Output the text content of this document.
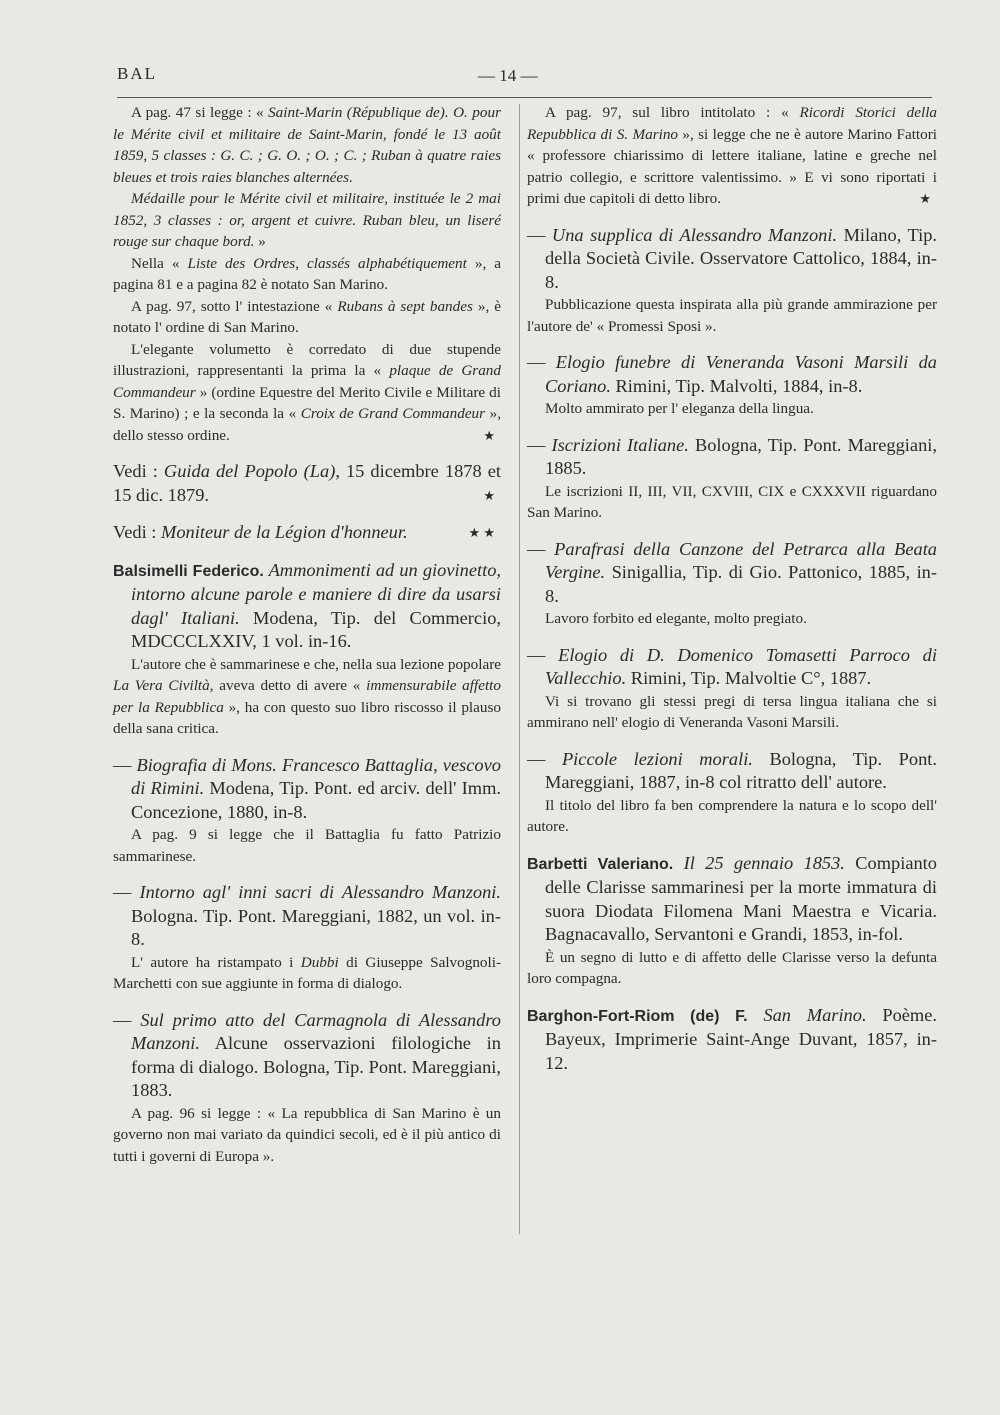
BAL	— 14 —

A pag. 47 si legge : « Saint-Marin (République de). O. pour le Mérite civil et militaire de Saint-Marin, fondé le 13 août 1859, 5 classes : G. C. ; G. O. ; O. ; C. ; Ruban à quatre raies bleues et trois raies blanches alternées.

Médaille pour le Mérite civil et militaire, instituée le 2 mai 1852, 3 classes : or, argent et cuivre. Ruban bleu, un liseré rouge sur chaque bord. »

Nella « Liste des Ordres, classés alphabétiquement », a pagina 81 e a pagina 82 è notato San Marino.

A pag. 97, sotto l' intestazione « Rubans à sept bandes », è notato l' ordine di San Marino.

L'elegante volumetto è corredato di due stupende illustrazioni, rappresentanti la prima la « plaque de Grand Commandeur » (ordine Equestre del Merito Civile e Militare di S. Marino) ; e la seconda la « Croix de Grand Commandeur », dello stesso ordine.	★

Vedi : Guida del Popolo (La), 15 dicembre 1878 et 15 dic. 1879.	★

Vedi : Moniteur de la Légion d'honneur.	★ ★

Balsimelli Federico. Ammonimenti ad un giovinetto, intorno alcune parole e maniere di dire da usarsi dagl' Italiani. Modena, Tip. del Commercio, MDCCCLXXIV, 1 vol. in-16.

L'autore che è sammarinese e che, nella sua lezione popolare La Vera Civiltà, aveva detto di avere « immensurabile affetto per la Repubblica », ha con questo suo libro riscosso il plauso della sana critica.

— Biografia di Mons. Francesco Battaglia, vescovo di Rimini. Modena, Tip. Pont. ed arciv. dell' Imm. Concezione, 1880, in-8.

A pag. 9 si legge che il Battaglia fu fatto Patrizio sammarinese.

— Intorno agl' inni sacri di Alessandro Manzoni. Bologna. Tip. Pont. Mareggiani, 1882, un vol. in-8.

L' autore ha ristampato i Dubbi di Giuseppe Salvognoli-Marchetti con sue aggiunte in forma di dialogo.

— Sul primo atto del Carmagnola di Alessandro Manzoni. Alcune osservazioni filologiche in forma di dialogo. Bologna, Tip. Pont. Mareggiani, 1883.

A pag. 96 si legge : « La repubblica di San Marino è un governo non mai variato da quindici secoli, ed è il più antico di tutti i governi di Europa ».

A pag. 97, sul libro intitolato : « Ricordi Storici della Repubblica di S. Marino », si legge che ne è autore Marino Fattori « professore chiarissimo di lettere italiane, latine e greche nel patrio collegio, e scrittore valentissimo. » E vi sono riportati i primi due capitoli di detto libro.	★

— Una supplica di Alessandro Manzoni. Milano, Tip. della Società Civile. Osservatore Cattolico, 1884, in-8.

Pubblicazione questa inspirata alla più grande ammirazione per l'autore de' « Promessi Sposi ».

— Elogio funebre di Veneranda Vasoni Marsili da Coriano. Rimini, Tip. Malvolti, 1884, in-8.

Molto ammirato per l' eleganza della lingua.

— Iscrizioni Italiane. Bologna, Tip. Pont. Mareggiani, 1885.

Le iscrizioni II, III, VII, CXVIII, CIX e CXXXVII riguardano San Marino.

— Parafrasi della Canzone del Petrarca alla Beata Vergine. Sinigallia, Tip. di Gio. Pattonico, 1885, in-8.

Lavoro forbito ed elegante, molto pregiato.

— Elogio di D. Domenico Tomasetti Parroco di Vallecchio. Rimini, Tip. Malvoltie C°, 1887.

Vi si trovano gli stessi pregi di tersa lingua italiana che si ammirano nell' elogio di Veneranda Vasoni Marsili.

— Piccole lezioni morali. Bologna, Tip. Pont. Mareggiani, 1887, in-8 col ritratto dell' autore.

Il titolo del libro fa ben comprendere la natura e lo scopo dell' autore.

Barbetti Valeriano. Il 25 gennaio 1853. Compianto delle Clarisse sammarinesi per la morte immatura di suora Diodata Filomena Mani Maestra e Vicaria. Bagnacavallo, Servantoni e Grandi, 1853, in-fol.

È un segno di lutto e di affetto delle Clarisse verso la defunta loro compagna.

Barghon-Fort-Riom (de) F. San Marino. Poème. Bayeux, Imprimerie Saint-Ange Duvant, 1857, in-12.
